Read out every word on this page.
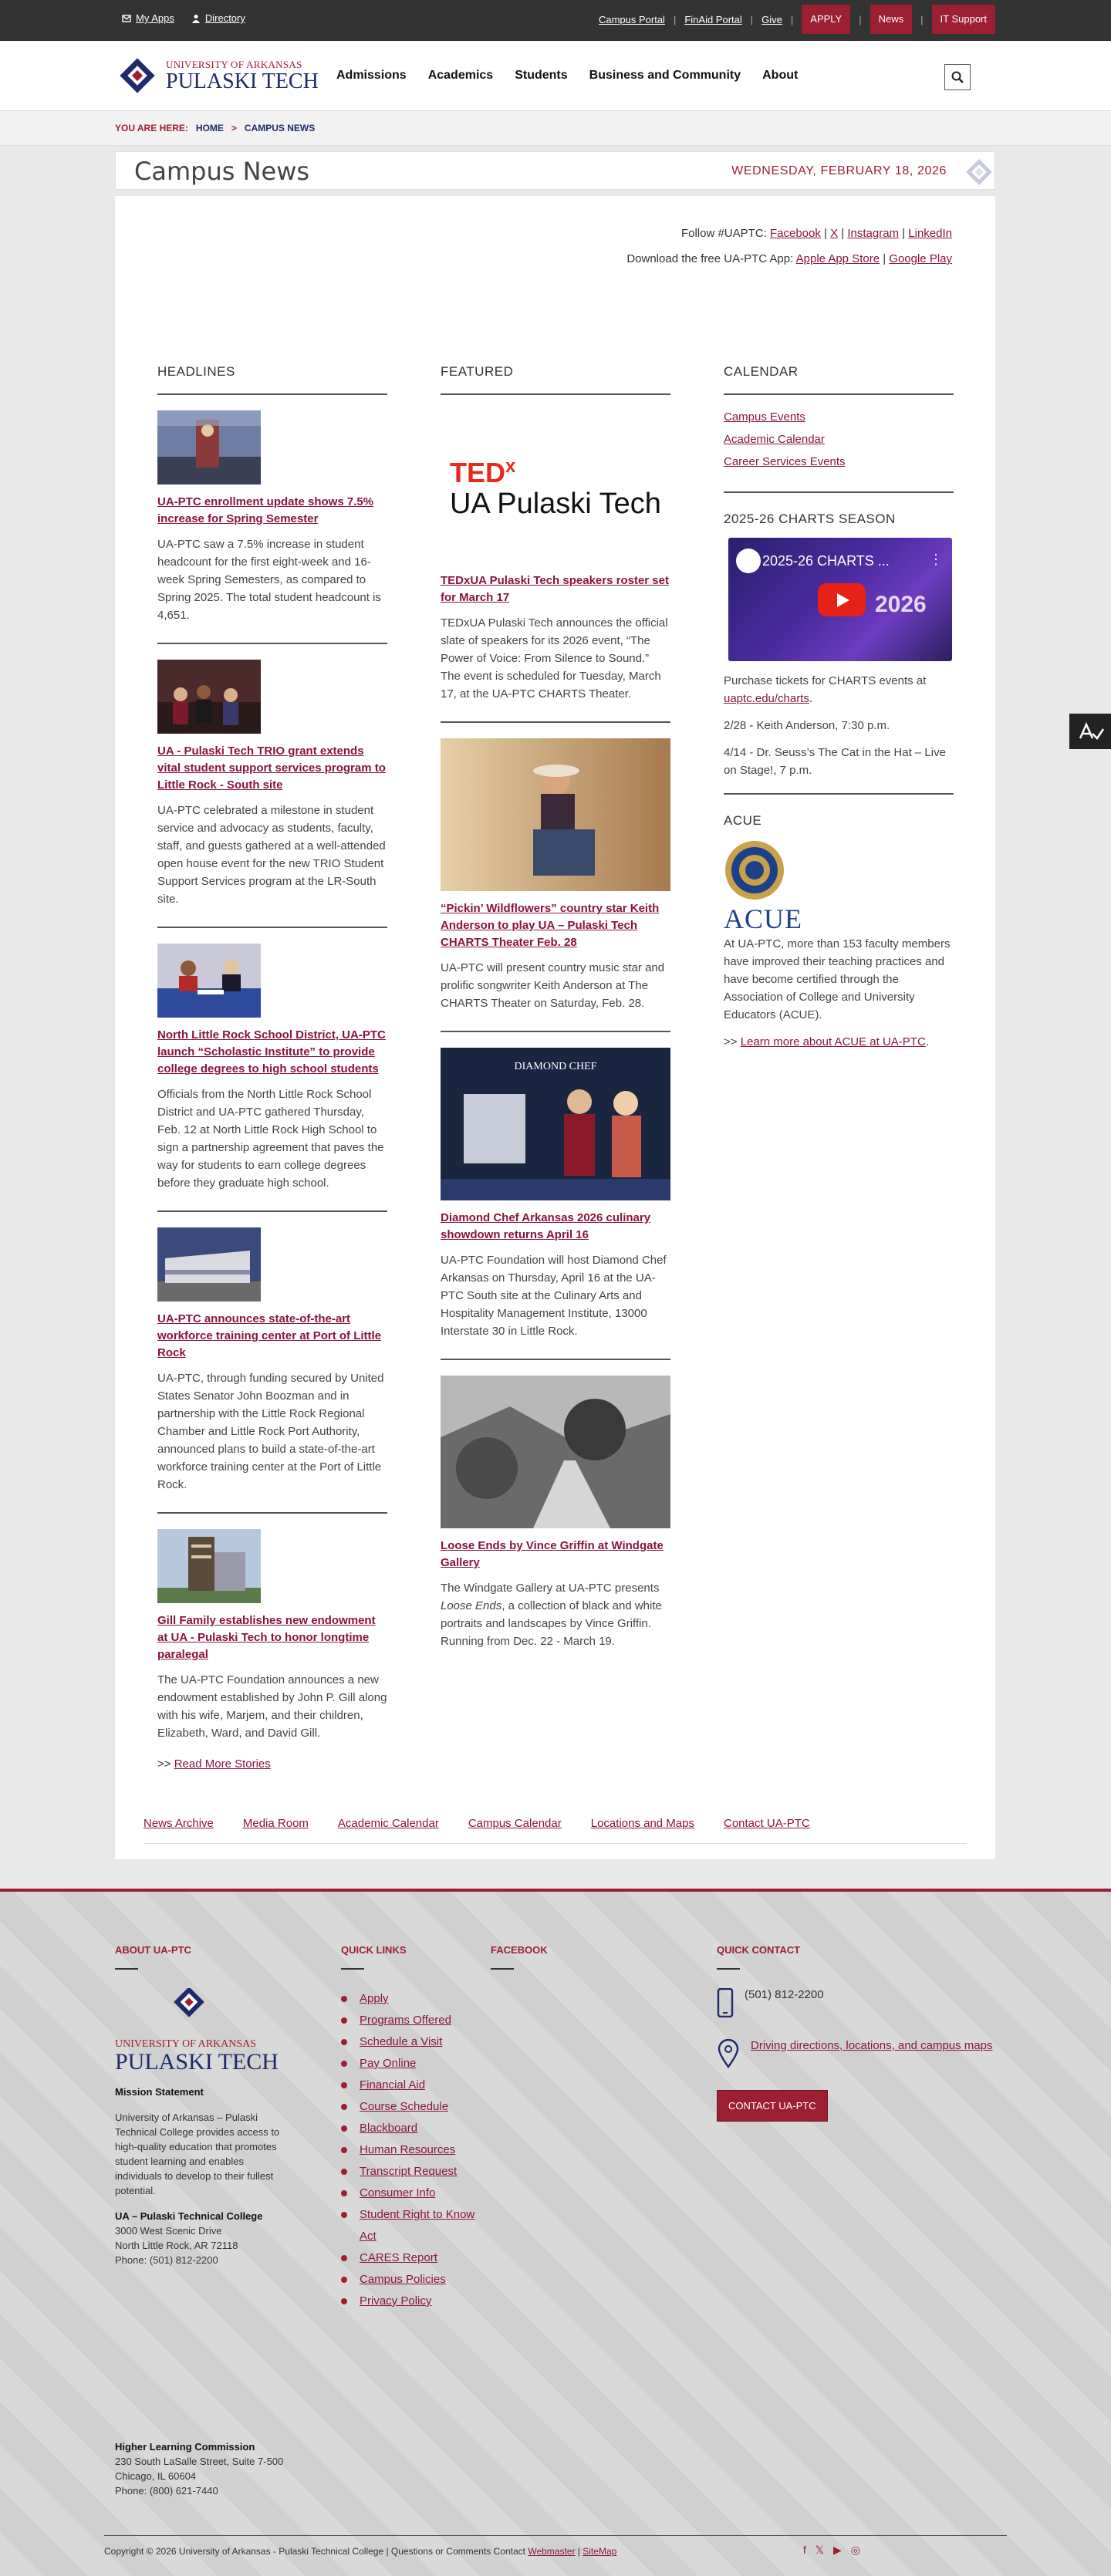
My Apps	Directory	Campus Portal | FinAid Portal | Give |	APPLY	|	News	|	IT Support
UNIVERSITY OF ARKANSAS
PULASKI TECH Admissions Academics Students Business and Community About
YOU ARE HERE: HOME > CAMPUS NEWS
Campus News	WEDNESDAY, FEBRUARY 18, 2026
Follow #UAPTC: Facebook | X | Instagram | LinkedIn
Download the free UA-PTC App: Apple App Store | Google Play
HEADLINES
UA-PTC enrollment update shows 7.5% increase for Spring Semester

UA-PTC saw a 7.5% increase in student headcount for the first eight-week and 16-week Spring Semesters, as compared to Spring 2025. The total student headcount is 4,651.

UA - Pulaski Tech TRIO grant extends vital student support services program to Little Rock - South site

UA-PTC celebrated a milestone in student service and advocacy as students, faculty, staff, and guests gathered at a well-attended open house event for the new TRIO Student Support Services program at the LR-South site.

North Little Rock School District, UA-PTC launch “Scholastic Institute” to provide college degrees to high school students

Officials from the North Little Rock School District and UA-PTC gathered Thursday, Feb. 12 at North Little Rock High School to sign a partnership agreement that paves the way for students to earn college degrees before they graduate high school.

UA-PTC announces state-of-the-art workforce training center at Port of Little Rock

UA-PTC, through funding secured by United States Senator John Boozman and in partnership with the Little Rock Regional Chamber and Little Rock Port Authority, announced plans to build a state-of-the-art workforce training center at the Port of Little Rock.

Gill Family establishes new endowment at UA - Pulaski Tech to honor longtime paralegal

The UA-PTC Foundation announces a new endowment established by John P. Gill along with his wife, Marjem, and their children, Elizabeth, Ward, and David Gill.

>> Read More Stories
FEATURED
TED$^x$
UA Pulaski Tech
TEDxUA Pulaski Tech speakers roster set for March 17

TEDxUA Pulaski Tech announces the official slate of speakers for its 2026 event, “The Power of Voice: From Silence to Sound.” The event is scheduled for Tuesday, March 17, at the UA-PTC CHARTS Theater.

“Pickin’ Wildflowers” country star Keith Anderson to play UA – Pulaski Tech CHARTS Theater Feb. 28

UA-PTC will present country music star and prolific songwriter Keith Anderson at The CHARTS Theater on Saturday, Feb. 28.

DIAMOND CHEF
Diamond Chef Arkansas 2026 culinary showdown returns April 16

UA-PTC Foundation will host Diamond Chef Arkansas on Thursday, April 16 at the UA-PTC South site at the Culinary Arts and Hospitality Management Institute, 13000 Interstate 30 in Little Rock.

Loose Ends by Vince Griffin at Windgate Gallery

The Windgate Gallery at UA-PTC presents Loose Ends, a collection of black and white portraits and landscapes by Vince Griffin. Running from Dec. 22 - March 19.

CALENDAR
Campus Events
Academic Calendar
Career Services Events
2025-26 CHARTS SEASON
2025-26 CHARTS ...	⋮
2026

Purchase tickets for CHARTS events at uaptc.edu/charts.

2/28 - Keith Anderson, 7:30 p.m.

4/14 - Dr. Seuss’s The Cat in the Hat – Live on Stage!, 7 p.m.

ACUE
ACUE

At UA-PTC, more than 153 faculty members have improved their teaching practices and have become certified through the Association of College and University Educators (ACUE).

>> Learn more about ACUE at UA-PTC.

News Archive	Media Room	Academic Calendar	Campus Calendar	Locations and Maps	Contact UA-PTC
ABOUT UA-PTC
UNIVERSITY OF ARKANSAS
PULASKI TECH
Mission Statement
University of Arkansas – Pulaski Technical College provides access to high-quality education that promotes student learning and enables individuals to develop to their fullest potential.
UA – Pulaski Technical College
3000 West Scenic Drive
North Little Rock, AR 72118
Phone: (501) 812-2200
QUICK LINKS
Apply
Programs Offered
Schedule a Visit
Pay Online
Financial Aid
Course Schedule
Blackboard
Human Resources
Transcript Request
Consumer Info
Student Right to Know Act
CARES Report
Campus Policies
Privacy Policy
FACEBOOK	QUICK CONTACT
(501) 812-2200
Driving directions, locations, and campus maps
CONTACT UA-PTC
Higher Learning Commission
230 South LaSalle Street, Suite 7-500
Chicago, IL 60604
Phone: (800) 621-7440
Copyright © 2026 University of Arkansas - Pulaski Technical College | Questions or Comments Contact Webmaster | SiteMap	f 𝕏 ▶ ◎
